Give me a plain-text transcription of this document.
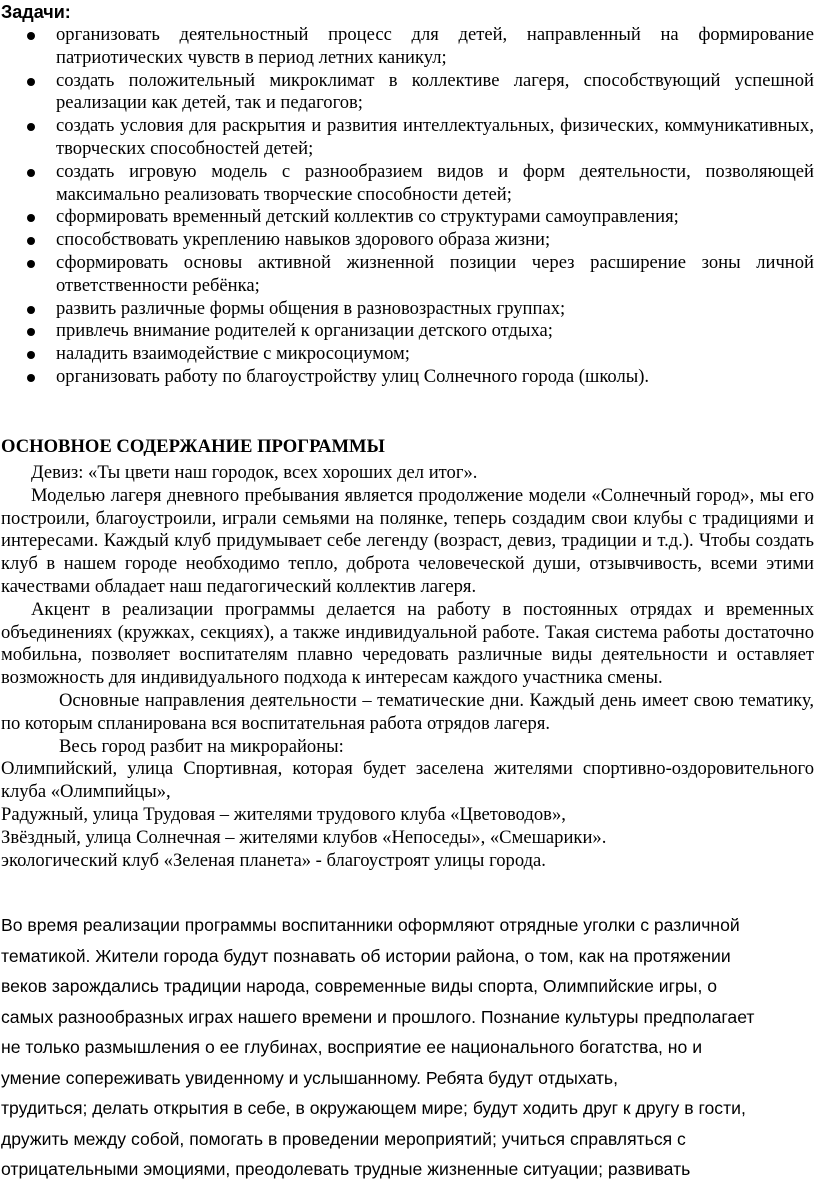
Задачи:
организовать деятельностный процесс для детей, направленный на формирование патриотических чувств в период летних каникул;
создать положительный микроклимат в коллективе лагеря, способствующий успешной реализации как детей, так и педагогов;
создать условия для раскрытия и развития интеллектуальных, физических, коммуникативных, творческих способностей детей;
создать игровую модель с разнообразием видов и форм деятельности, позволяющей максимально реализовать творческие способности детей;
сформировать временный детский коллектив со структурами самоуправления;
способствовать укреплению навыков здорового образа жизни;
сформировать основы активной жизненной позиции через расширение зоны личной ответственности ребёнка;
развить различные формы общения в разновозрастных группах;
привлечь внимание родителей к организации детского отдыха;
наладить взаимодействие с микросоциумом;
организовать работу по благоустройству улиц Солнечного города (школы).
ОСНОВНОЕ СОДЕРЖАНИЕ ПРОГРАММЫ

Девиз: «Ты цвети наш городок, всех хороших дел итог».

Моделью лагеря дневного пребывания является продолжение модели «Солнечный город», мы его построили, благоустроили, играли семьями на полянке, теперь создадим свои клубы с традициями и интересами. Каждый клуб придумывает себе легенду (возраст, девиз, традиции и т.д.). Чтобы создать клуб в нашем городе необходимо тепло, доброта человеческой души, отзывчивость, всеми этими качествами обладает наш педагогический коллектив лагеря.

Акцент в реализации программы делается на работу в постоянных отрядах и временных объединениях (кружках, секциях), а также индивидуальной работе. Такая система работы достаточно мобильна, позволяет воспитателям плавно чередовать различные виды деятельности и оставляет возможность для индивидуального подхода к интересам каждого участника смены.

Основные направления деятельности – тематические дни. Каждый день имеет свою тематику, по которым спланирована вся воспитательная работа отрядов лагеря.

Весь город разбит на микрорайоны:

Олимпийский, улица Спортивная, которая будет заселена жителями спортивно-оздоровительного клуба «Олимпийцы»,

Радужный, улица Трудовая – жителями трудового клуба «Цветоводов»,

Звёздный, улица Солнечная – жителями клубов «Непоседы», «Смешарики».

экологический клуб «Зеленая планета» - благоустроят улицы города.

Во время реализации программы воспитанники оформляют отрядные уголки с различной

тематикой. Жители города будут познавать об истории района, о том, как на протяжении

веков зарождались традиции народа, современные виды спорта, Олимпийские игры, о

самых разнообразных играх нашего времени и прошлого. Познание культуры предполагает

не только размышления о ее глубинах, восприятие ее национального богатства, но и

умение сопереживать увиденному и услышанному. Ребята будут отдыхать,

трудиться; делать открытия в себе, в окружающем мире; будут ходить друг к другу в гости,

дружить между собой, помогать в проведении мероприятий; учиться справляться с

отрицательными эмоциями, преодолевать трудные жизненные ситуации; развивать
